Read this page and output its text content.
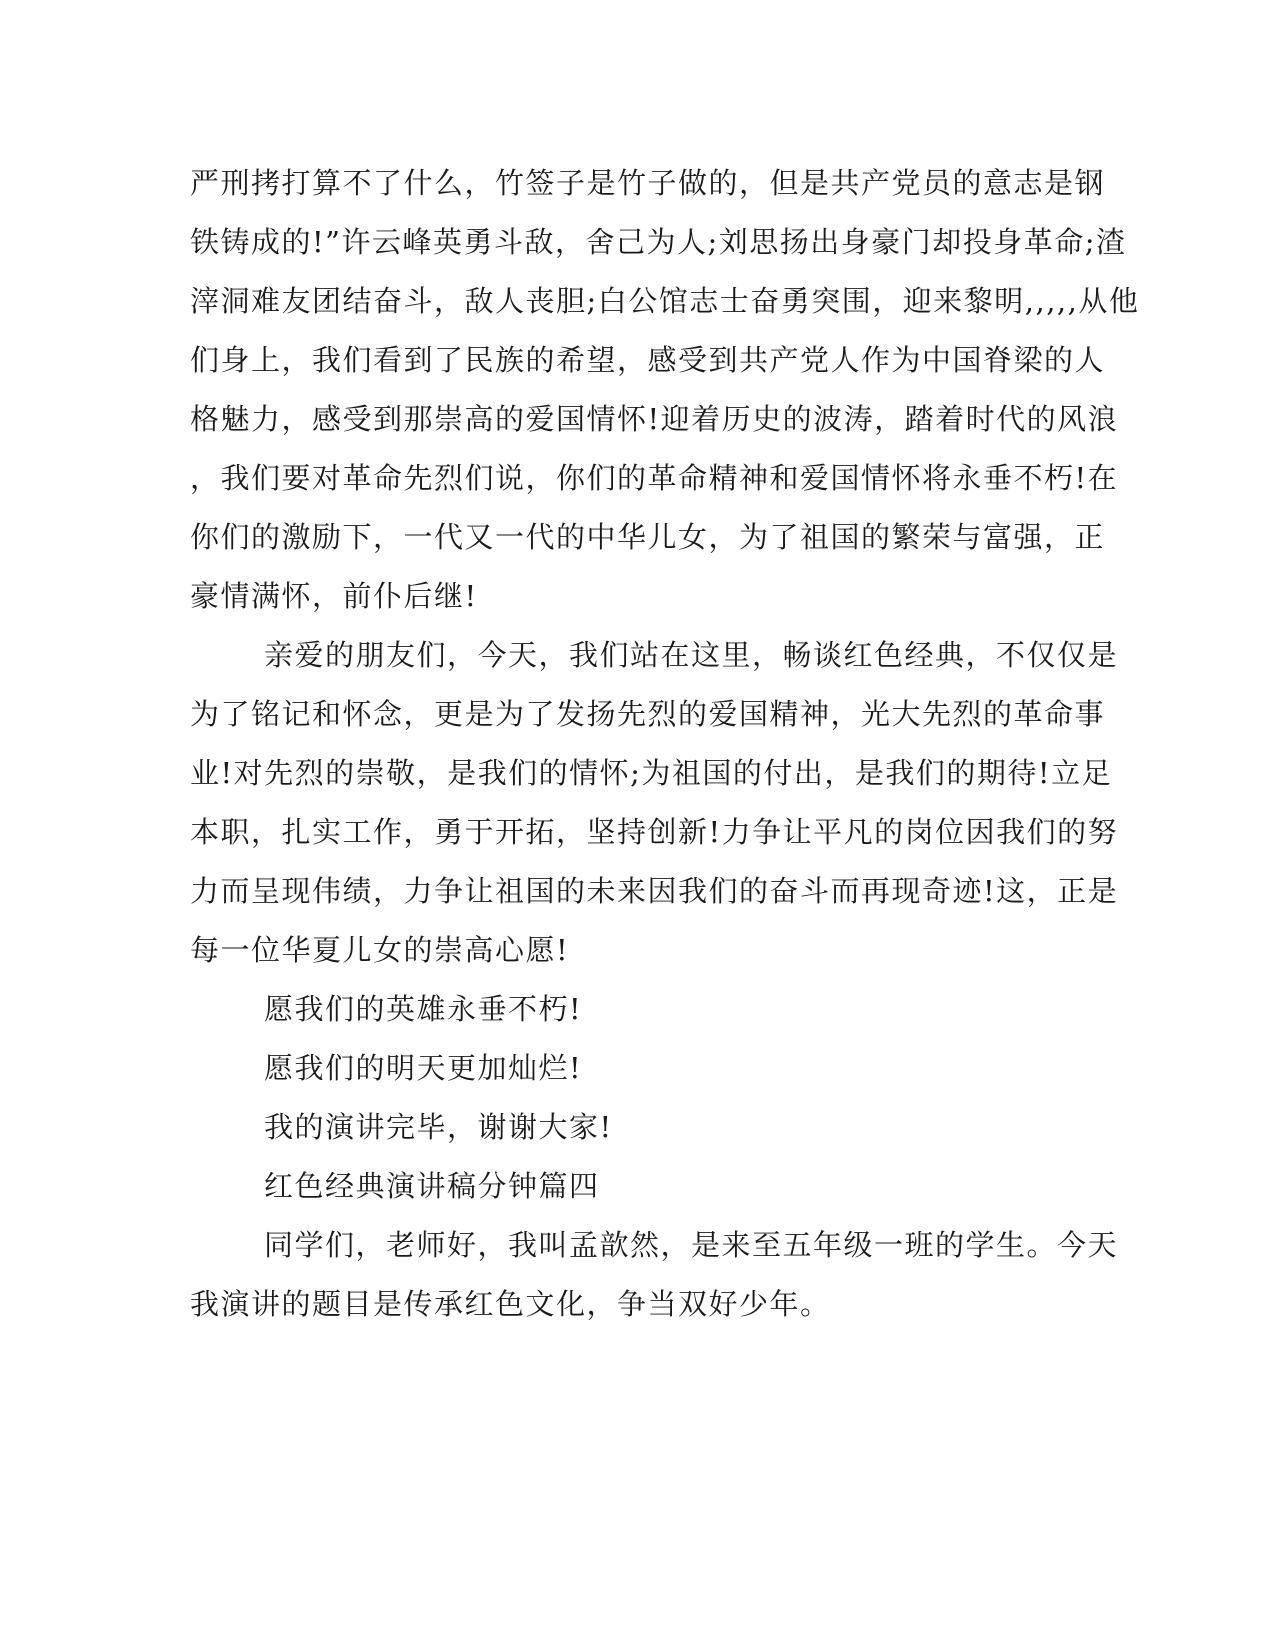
严刑拷打算不了什么，竹签子是竹子做的，但是共产党员的意志是钢
铁铸成的!”许云峰英勇斗敌，舍己为人;刘思扬出身豪门却投身革命;渣
滓洞难友团结奋斗，敌人丧胆;白公馆志士奋勇突围，迎来黎明,,,,,从他
们身上，我们看到了民族的希望，感受到共产党人作为中国脊梁的人
格魅力，感受到那崇高的爱国情怀!迎着历史的波涛，踏着时代的风浪
，我们要对革命先烈们说，你们的革命精神和爱国情怀将永垂不朽!在
你们的激励下，一代又一代的中华儿女，为了祖国的繁荣与富强，正
豪情满怀，前仆后继!
亲爱的朋友们，今天，我们站在这里，畅谈红色经典，不仅仅是
为了铭记和怀念，更是为了发扬先烈的爱国精神，光大先烈的革命事
业!对先烈的崇敬，是我们的情怀;为祖国的付出，是我们的期待!立足
本职，扎实工作，勇于开拓，坚持创新!力争让平凡的岗位因我们的努
力而呈现伟绩，力争让祖国的未来因我们的奋斗而再现奇迹!这，正是
每一位华夏儿女的崇高心愿!
愿我们的英雄永垂不朽!
愿我们的明天更加灿烂!
我的演讲完毕，谢谢大家!
红色经典演讲稿分钟篇四
同学们，老师好，我叫孟歆然，是来至五年级一班的学生。今天
我演讲的题目是传承红色文化，争当双好少年。
